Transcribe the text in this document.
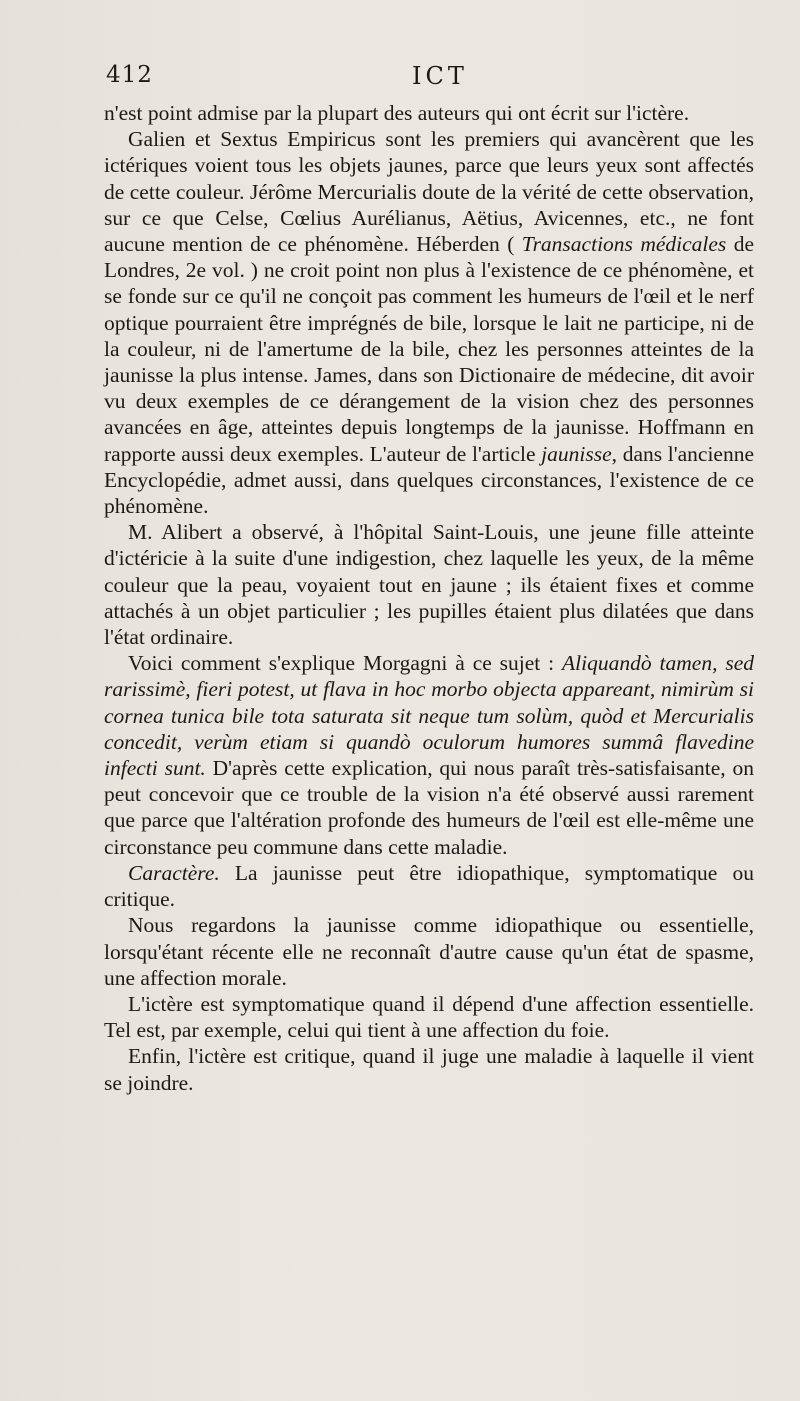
412	ICT

n'est point admise par la plupart des auteurs qui ont écrit sur l'ictère.

Galien et Sextus Empiricus sont les premiers qui avancèrent que les ictériques voient tous les objets jaunes, parce que leurs yeux sont affectés de cette couleur. Jérôme Mercurialis doute de la vérité de cette observation, sur ce que Celse, Cœlius Aurélianus, Aëtius, Avicennes, etc., ne font aucune mention de ce phénomène. Héberden ( Transactions médicales de Londres, 2e vol. ) ne croit point non plus à l'existence de ce phénomène, et se fonde sur ce qu'il ne conçoit pas comment les humeurs de l'œil et le nerf optique pourraient être imprégnés de bile, lorsque le lait ne participe, ni de la couleur, ni de l'amertume de la bile, chez les personnes atteintes de la jaunisse la plus intense. James, dans son Dictionaire de médecine, dit avoir vu deux exemples de ce dérangement de la vision chez des personnes avancées en âge, atteintes depuis longtemps de la jaunisse. Hoffmann en rapporte aussi deux exemples. L'auteur de l'article jaunisse, dans l'ancienne Encyclopédie, admet aussi, dans quelques circonstances, l'existence de ce phénomène.

M. Alibert a observé, à l'hôpital Saint-Louis, une jeune fille atteinte d'ictéricie à la suite d'une indigestion, chez laquelle les yeux, de la même couleur que la peau, voyaient tout en jaune ; ils étaient fixes et comme attachés à un objet particulier ; les pupilles étaient plus dilatées que dans l'état ordinaire.

Voici comment s'explique Morgagni à ce sujet : Aliquandò tamen, sed rarissimè, fieri potest, ut flava in hoc morbo objecta appareant, nimirùm si cornea tunica bile tota saturata sit neque tum solùm, quòd et Mercurialis concedit, verùm etiam si quandò oculorum humores summâ flavedine infecti sunt. D'après cette explication, qui nous paraît très-satisfaisante, on peut concevoir que ce trouble de la vision n'a été observé aussi rarement que parce que l'altération profonde des humeurs de l'œil est elle-même une circonstance peu commune dans cette maladie.

Caractère. La jaunisse peut être idiopathique, symptomatique ou critique.

Nous regardons la jaunisse comme idiopathique ou essentielle, lorsqu'étant récente elle ne reconnaît d'autre cause qu'un état de spasme, une affection morale.

L'ictère est symptomatique quand il dépend d'une affection essentielle. Tel est, par exemple, celui qui tient à une affection du foie.

Enfin, l'ictère est critique, quand il juge une maladie à laquelle il vient se joindre.
